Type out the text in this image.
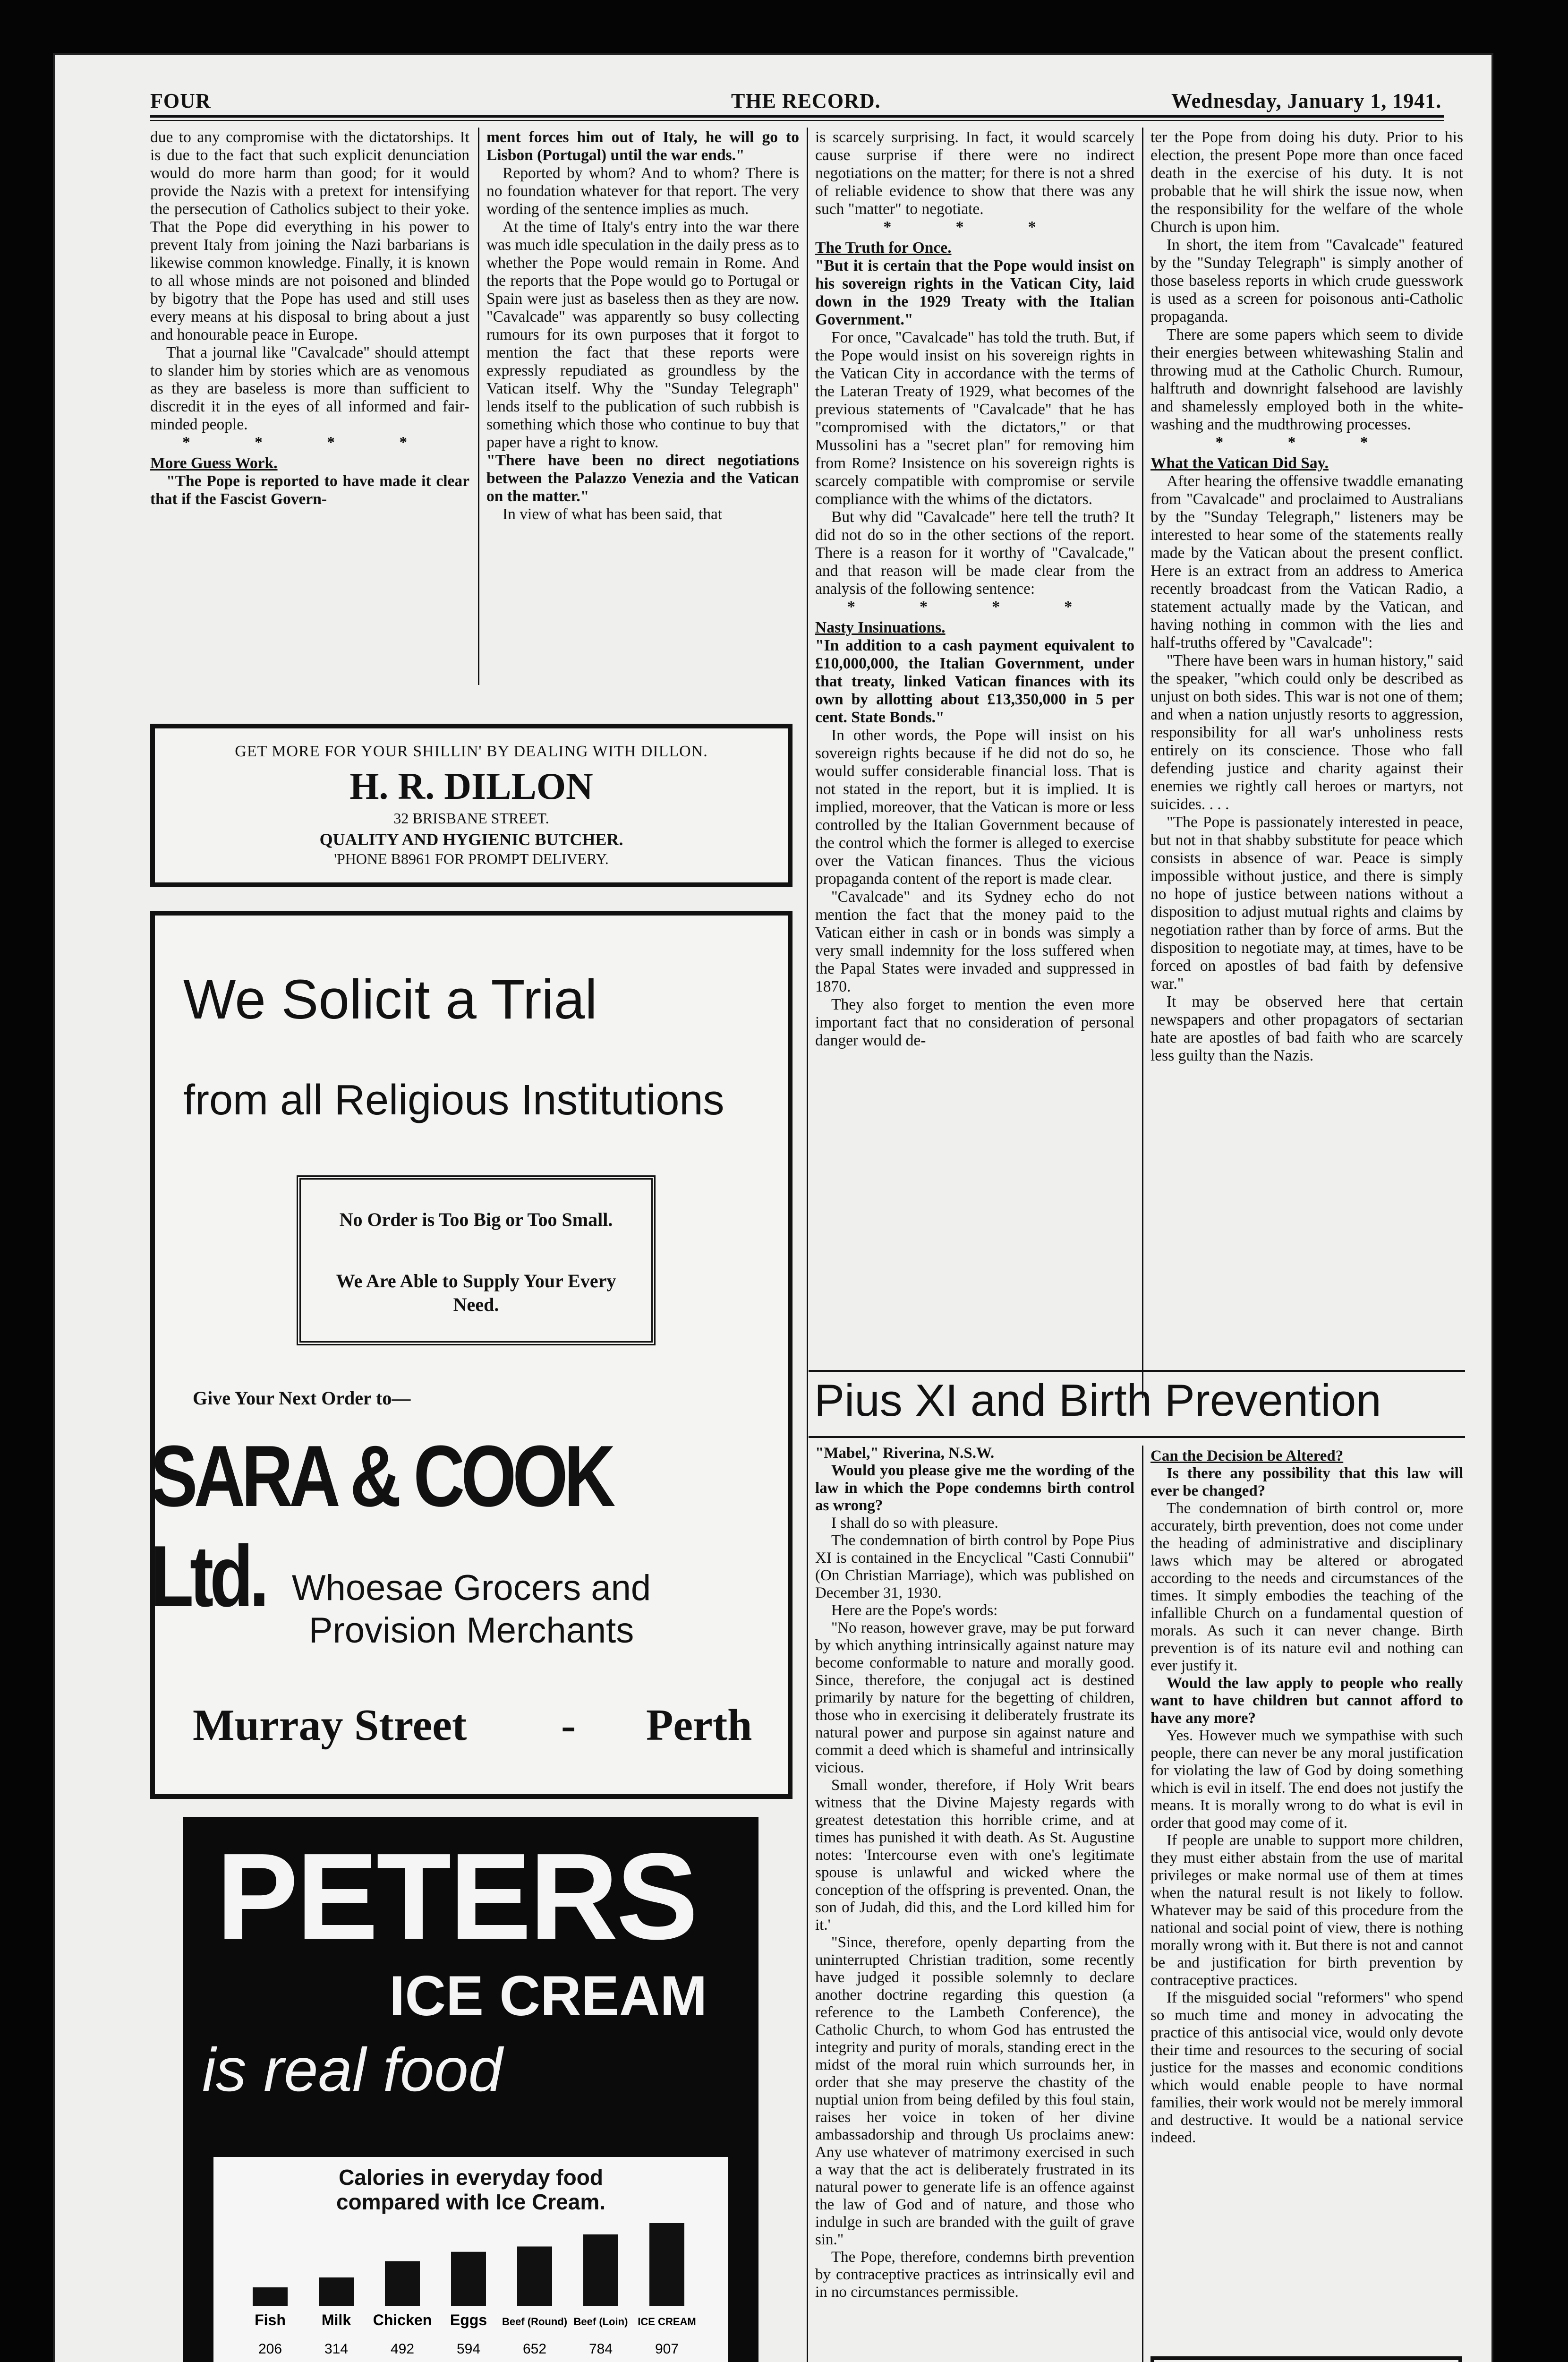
FOUR	THE RECORD.	Wednesday, January 1, 1941.

due to any compromise with the dictatorships. It is due to the fact that such explicit denunciation would do more harm than good; for it would provide the Nazis with a pretext for intensifying the persecution of Catholics subject to their yoke. That the Pope did everything in his power to prevent Italy from joining the Nazi barbarians is likewise common knowledge. Finally, it is known to all whose minds are not poisoned and blinded by bigotry that the Pope has used and still uses every means at his disposal to bring about a just and honourable peace in Europe.

That a journal like "Cavalcade" should attempt to slander him by stories which are as venomous as they are baseless is more than sufficient to discredit it in the eyes of all informed and fair-minded people.

* * * *

More Guess Work.

"The Pope is reported to have made it clear that if the Fascist Govern-

ment forces him out of Italy, he will go to Lisbon (Portugal) until the war ends."

Reported by whom? And to whom? There is no foundation whatever for that report. The very wording of the sentence implies as much.

At the time of Italy's entry into the war there was much idle speculation in the daily press as to whether the Pope would remain in Rome. And the reports that the Pope would go to Portugal or Spain were just as baseless then as they are now. "Cavalcade" was apparently so busy collecting rumours for its own purposes that it forgot to mention the fact that these reports were expressly repudiated as groundless by the Vatican itself. Why the "Sunday Telegraph" lends itself to the publication of such rubbish is something which those who continue to buy that paper have a right to know.

"There have been no direct negotiations between the Palazzo Venezia and the Vatican on the matter."

In view of what has been said, that

GET MORE FOR YOUR SHILLIN' BY DEALING WITH DILLON.
H. R. DILLON
32 BRISBANE STREET.
QUALITY AND HYGIENIC BUTCHER.
'PHONE B8961 FOR PROMPT DELIVERY.
We Solicit a Trial
from all Religious Institutions
No Order is Too Big or Too Small.
We Are Able to Supply Your Every Need.
Give Your Next Order to—
SARA & COOK Ltd. Whoesae Grocers and
Provision Merchants
Murray Street - Perth
PETERS
ICE CREAM
is real food
Calories in everyday food
compared with Ice Cream.
Fish
206
Milk
314
Chicken
492
Eggs
594
Beef (Round)
652
Beef (Loin)
784
ICE CREAM
907

is scarcely surprising. In fact, it would scarcely cause surprise if there were no indirect negotiations on the matter; for there is not a shred of reliable evidence to show that there was any such "matter" to negotiate.

* * *

The Truth for Once.

"But it is certain that the Pope would insist on his sovereign rights in the Vatican City, laid down in the 1929 Treaty with the Italian Government."

For once, "Cavalcade" has told the truth. But, if the Pope would insist on his sovereign rights in the Vatican City in accordance with the terms of the Lateran Treaty of 1929, what becomes of the previous statements of "Cavalcade" that he has "compromised with the dictators," or that Mussolini has a "secret plan" for removing him from Rome? Insistence on his sovereign rights is scarcely compatible with compromise or servile compliance with the whims of the dictators.

But why did "Cavalcade" here tell the truth? It did not do so in the other sections of the report. There is a reason for it worthy of "Cavalcade," and that reason will be made clear from the analysis of the following sentence:

* * * *

Nasty Insinuations.

"In addition to a cash payment equivalent to £10,000,000, the Italian Government, under that treaty, linked Vatican finances with its own by allotting about £13,350,000 in 5 per cent. State Bonds."

In other words, the Pope will insist on his sovereign rights because if he did not do so, he would suffer considerable financial loss. That is not stated in the report, but it is implied. It is implied, moreover, that the Vatican is more or less controlled by the Italian Government because of the control which the former is alleged to exercise over the Vatican finances. Thus the vicious propaganda content of the report is made clear.

"Cavalcade" and its Sydney echo do not mention the fact that the money paid to the Vatican either in cash or in bonds was simply a very small indemnity for the loss suffered when the Papal States were invaded and suppressed in 1870.

They also forget to mention the even more important fact that no consideration of personal danger would de-

ter the Pope from doing his duty. Prior to his election, the present Pope more than once faced death in the exercise of his duty. It is not probable that he will shirk the issue now, when the responsibility for the welfare of the whole Church is upon him.

In short, the item from "Cavalcade" featured by the "Sunday Telegraph" is simply another of those baseless reports in which crude guesswork is used as a screen for poisonous anti-Catholic propaganda.

There are some papers which seem to divide their energies between whitewashing Stalin and throwing mud at the Catholic Church. Rumour, halftruth and downright falsehood are lavishly and shamelessly employed both in the white-washing and the mudthrowing processes.

* * *

What the Vatican Did Say.

After hearing the offensive twaddle emanating from "Cavalcade" and proclaimed to Australians by the "Sunday Telegraph," listeners may be interested to hear some of the statements really made by the Vatican about the present conflict. Here is an extract from an address to America recently broadcast from the Vatican Radio, a statement actually made by the Vatican, and having nothing in common with the lies and half-truths offered by "Cavalcade":

"There have been wars in human history," said the speaker, "which could only be described as unjust on both sides. This war is not one of them; and when a nation unjustly resorts to aggression, responsibility for all war's unholiness rests entirely on its conscience. Those who fall defending justice and charity against their enemies we rightly call heroes or martyrs, not suicides. . . .

"The Pope is passionately interested in peace, but not in that shabby substitute for peace which consists in absence of war. Peace is simply impossible without justice, and there is simply no hope of justice between nations without a disposition to adjust mutual rights and claims by negotiation rather than by force of arms. But the disposition to negotiate may, at times, have to be forced on apostles of bad faith by defensive war."

It may be observed here that certain newspapers and other propagators of sectarian hate are apostles of bad faith who are scarcely less guilty than the Nazis.

Pius XI and Birth Prevention

"Mabel," Riverina, N.S.W.

Would you please give me the wording of the law in which the Pope condemns birth control as wrong?

I shall do so with pleasure.

The condemnation of birth control by Pope Pius XI is contained in the Encyclical "Casti Connubii" (On Christian Marriage), which was published on December 31, 1930.

Here are the Pope's words:

"No reason, however grave, may be put forward by which anything intrinsically against nature may become conformable to nature and morally good. Since, therefore, the conjugal act is destined primarily by nature for the begetting of children, those who in exercising it deliberately frustrate its natural power and purpose sin against nature and commit a deed which is shameful and intrinsically vicious.

Small wonder, therefore, if Holy Writ bears witness that the Divine Majesty regards with greatest detestation this horrible crime, and at times has punished it with death. As St. Augustine notes: 'Intercourse even with one's legitimate spouse is unlawful and wicked where the conception of the offspring is prevented. Onan, the son of Judah, did this, and the Lord killed him for it.'

"Since, therefore, openly departing from the uninterrupted Christian tradition, some recently have judged it possible solemnly to declare another doctrine regarding this question (a reference to the Lambeth Conference), the Catholic Church, to whom God has entrusted the integrity and purity of morals, standing erect in the midst of the moral ruin which surrounds her, in order that she may preserve the chastity of the nuptial union from being defiled by this foul stain, raises her voice in token of her divine ambassadorship and through Us proclaims anew: Any use whatever of matrimony exercised in such a way that the act is deliberately frustrated in its natural power to generate life is an offence against the law of God and of nature, and those who indulge in such are branded with the guilt of grave sin."

The Pope, therefore, condemns birth prevention by contraceptive practices as intrinsically evil and in no circumstances permissible.

Can the Decision be Altered?

Is there any possibility that this law will ever be changed?

The condemnation of birth control or, more accurately, birth prevention, does not come under the heading of administrative and disciplinary laws which may be altered or abrogated according to the needs and circumstances of the times. It simply embodies the teaching of the infallible Church on a fundamental question of morals. As such it can never change. Birth prevention is of its nature evil and nothing can ever justify it.

Would the law apply to people who really want to have children but cannot afford to have any more?

Yes. However much we sympathise with such people, there can never be any moral justification for violating the law of God by doing something which is evil in itself. The end does not justify the means. It is morally wrong to do what is evil in order that good may come of it.

If people are unable to support more children, they must either abstain from the use of marital privileges or make normal use of them at times when the natural result is not likely to follow. Whatever may be said of this procedure from the national and social point of view, there is nothing morally wrong with it. But there is not and cannot be and justification for birth prevention by contraceptive practices.

If the misguided social "reformers" who spend so much time and money in advocating the practice of this antisocial vice, would only devote their time and resources to the securing of social justice for the masses and economic conditions which would enable people to have normal families, their work would not be merely immoral and destructive. It would be a national service indeed.
